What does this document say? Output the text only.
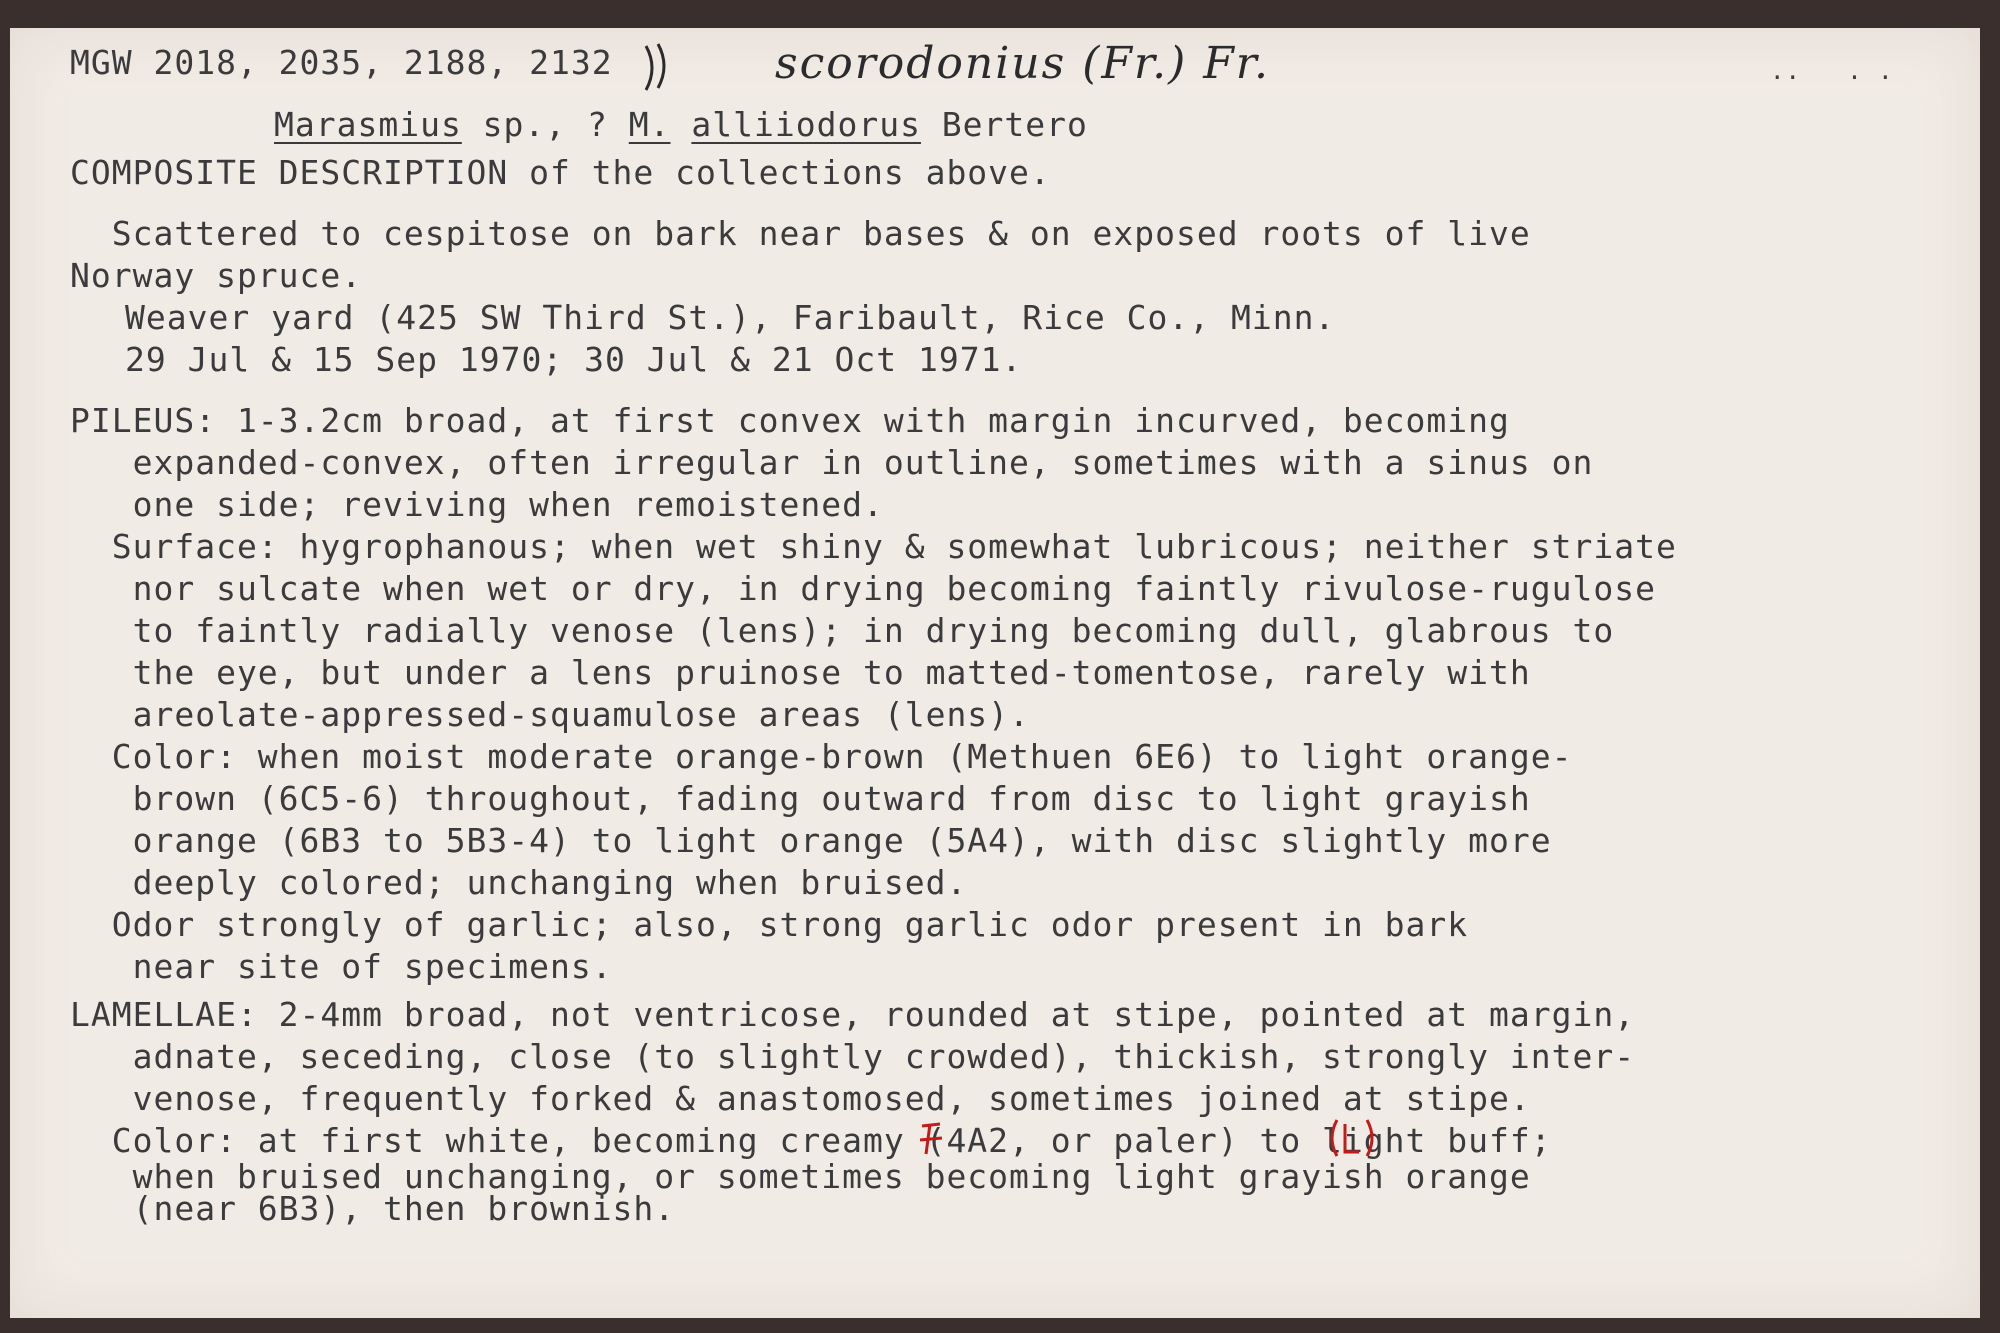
MGW 2018, 2035, 2188, 2132	scorodonius (Fr.) Fr.	..   . .
Marasmius sp., ? M. alliiodorus Bertero
COMPOSITE DESCRIPTION of the collections above.
Scattered to cespitose on bark near bases & on exposed roots of live
Norway spruce.
Weaver yard (425 SW Third St.), Faribault, Rice Co., Minn.
29 Jul & 15 Sep 1970; 30 Jul & 21 Oct 1971.
PILEUS: 1-3.2cm broad, at first convex with margin incurved, becoming
expanded-convex, often irregular in outline, sometimes with a sinus on
one side; reviving when remoistened.
Surface: hygrophanous; when wet shiny & somewhat lubricous; neither striate
nor sulcate when wet or dry, in drying becoming faintly rivulose-rugulose
to faintly radially venose (lens); in drying becoming dull, glabrous to
the eye, but under a lens pruinose to matted-tomentose, rarely with
areolate-appressed-squamulose areas (lens).
Color: when moist moderate orange-brown (Methuen 6E6) to light orange-
brown (6C5-6) throughout, fading outward from disc to light grayish
orange (6B3 to 5B3-4) to light orange (5A4), with disc slightly more
deeply colored; unchanging when bruised.
Odor strongly of garlic; also, strong garlic odor present in bark
near site of specimens.
LAMELLAE: 2-4mm broad, not ventricose, rounded at stipe, pointed at margin,
adnate, seceding, close (to slightly crowded), thickish, strongly inter-
venose, frequently forked & anastomosed, sometimes joined at stipe.
Color: at first white, becoming creamy (4A2, or paler) to light buff;
when bruised unchanging, or sometimes becoming light grayish orange
(near 6B3), then brownish.
